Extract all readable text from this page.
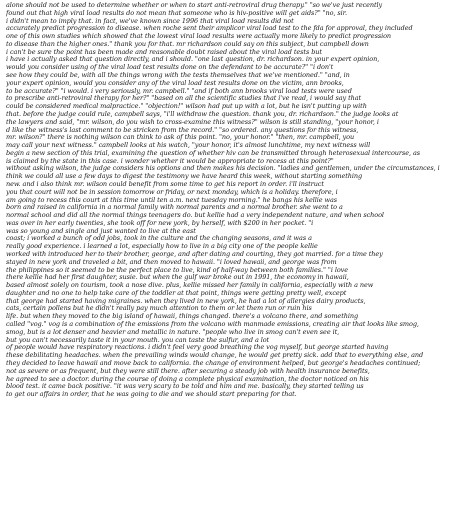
alone should not be used to determine whether or when to start anti-retroviral drug therapy." "so we've just recently
found out that high viral load results do not mean that someone who is hiv-positive will get aids?" "no, sir.
i didn't mean to imply that. in fact, we've known since 1996 that viral load results did not
accurately predict progression to disease. when roche sent their amplicor viral load test to the fda for approval, they included
one of this own studies which showed that the lowest viral load results were actually more likely to predict progression
to disease than the higher ones." thank you for that. mr richardson could say on this subject, but campbell down
i can't be sure the point has been made and reasonable doubt raised about the viral load tests but
i have i actually asked that question directly, and i should. "one last question, dr. richardson. in your expert opinion,
would you consider using of the viral load test results done on the defendant to be accurate?" "i don't
see how they could be, with all the things wrong with the tests themselves that we've mentioned." "and, in
your expert opinion, would you consider any of the viral load test results done on the victim, ann brooks,
to be accurate?" "i would. i very seriously, mr. campbell." "and if both ann brooks viral load tests were used
to prescribe anti-retroviral therapy for her?" "based on all the scientific studies that i've read, i would say that
could be considered medical malpractice." "objection!" wilson had put up with a lot, but he isn't putting up with
that. before the judge could rule, campbell says, "i'll withdraw the question. thank you, dr. richardson." the judge looks at
the lawyers and said, "mr. wilson, do you wish to cross-examine this witness?" wilson is still standing, "your honor, i
d like the witness's last comment to be stricken from the record." "so ordered. any questions for this witness,
mr. wilson?" there is nothing wilson can think to ask of this point. "no, your honor." "then, mr. campbell, you
may call your next witness." campbell looks at his watch, "your honor, it's almost lunchtime, my next witness will
begin a new section of this trial, examining the question of whether hiv can be transmitted through heterosexual intercourse, as
is claimed by the state in this case. i wonder whether it would be appropriate to recess at this point?"
without asking wilson, the judge considers his options and then makes his decision. "ladies and gentlemen, under the circumstances, i
think we could all use a few days to digest the testimony we have heard this week, without starting something
new. and i also think mr. wilson could benefit from some time to get his report in order. i'll instruct
you that court will not be in session tomorrow or friday, or next monday, which is a holiday. therefore, i
am going to recess this court at this time until ten a.m. next tuesday morning." he bangs his kellie was
born and raised in california in a normal family with normal parents and a normal brother. she went to a
normal school and did all the normal things teenagers do. but kellie had a very independent nature, and when school
was over in her early twenties, she took off for new york, by herself, with $200 in her pocket. "i
was so young and single and just wanted to live at the east
coast; i worked a bunch of odd jobs, took in the culture and the changing seasons, and it was a
really good experience. i learned a lot, especially how to live in a big city one of the people kellie
worked with introduced her to their brother, george, and after dating and courting, they got married. for a time they
stayed in new york and traveled a bit, and then moved to hawaii. "i loved hawaii, and george was from
the philippines so it seemed to be the perfect place to live, kind of half-way between both families." "i love
there kellie had her first daughter, susie. but when the gulf war broke out in 1991, the economy in hawaii,
based almost solely on tourism, took a nose dive. plus, kellie missed her family in california, especially with a new
daughter and no one to help take care of the toddler at that point, things were getting pretty well, except
that george had started having migraines. when they lived in new york, he had a lot of allergies dairy products,
cats, certain pollens but he didn't really pay much attention to them or let them run or ruin his
life. but when they moved to the big island of hawaii, things changed. there's a volcano there, and something
called "vog." vog is a combination of the emissions from the volcano with manmade emissions, creating air that looks like smog,
smog, but is a lot denser and heavier and metallic in nature. "people who live in smog can't even see it,
but you can't necessarily taste it in your mouth. you can taste the sulfur, and a lot
of people would have respiratory reactions. i didn't feel very good breathing the vog myself, but george started having
these debilitating headaches. when the prevailing winds would change, he would get pretty sick. add that to everything else, and
they decided to leave hawaii and move back to california. the change of environment helped, but george's headaches continued;
not as severe or as frequent, but they were still there. after securing a steady job with health insurance benefits,
he agreed to see a doctor. during the course of doing a complete physical examination, the doctor noticed on his
blood test. it came back positive. "it was very scary to be told and him and me. basically, they started telling us
to get our affairs in order, that he was going to die and we should start preparing for that.
